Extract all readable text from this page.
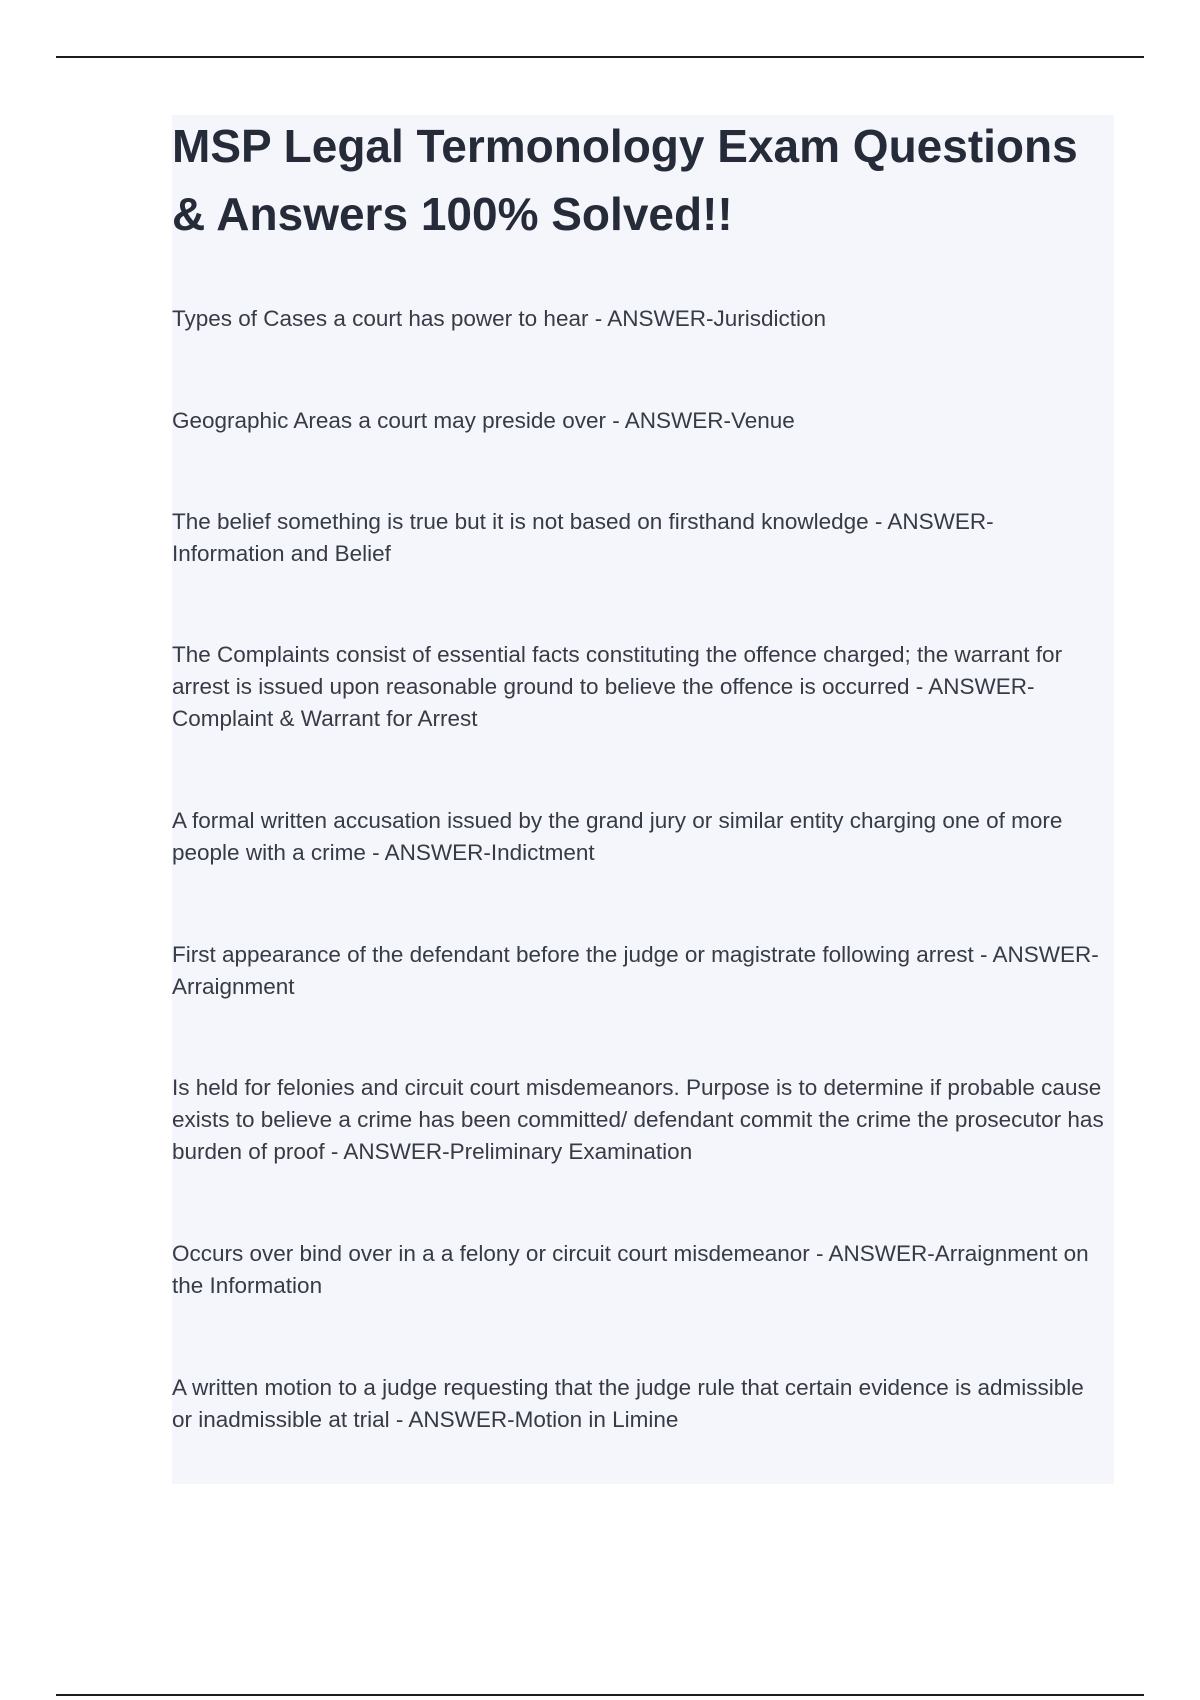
MSP Legal Termonology Exam Questions & Answers 100% Solved!!

Types of Cases a court has power to hear - ANSWER-Jurisdiction

Geographic Areas a court may preside over - ANSWER-Venue

The belief something is true but it is not based on firsthand knowledge - ANSWER-Information and Belief

The Complaints consist of essential facts constituting the offence charged; the warrant for arrest is issued upon reasonable ground to believe the offence is occurred - ANSWER-Complaint & Warrant for Arrest

A formal written accusation issued by the grand jury or similar entity charging one of more people with a crime - ANSWER-Indictment

First appearance of the defendant before the judge or magistrate following arrest - ANSWER-Arraignment

Is held for felonies and circuit court misdemeanors. Purpose is to determine if probable cause exists to believe a crime has been committed/ defendant commit the crime the prosecutor has burden of proof - ANSWER-Preliminary Examination

Occurs over bind over in a a felony or circuit court misdemeanor - ANSWER-Arraignment on the Information

A written motion to a judge requesting that the judge rule that certain evidence is admissible or inadmissible at trial - ANSWER-Motion in Limine
